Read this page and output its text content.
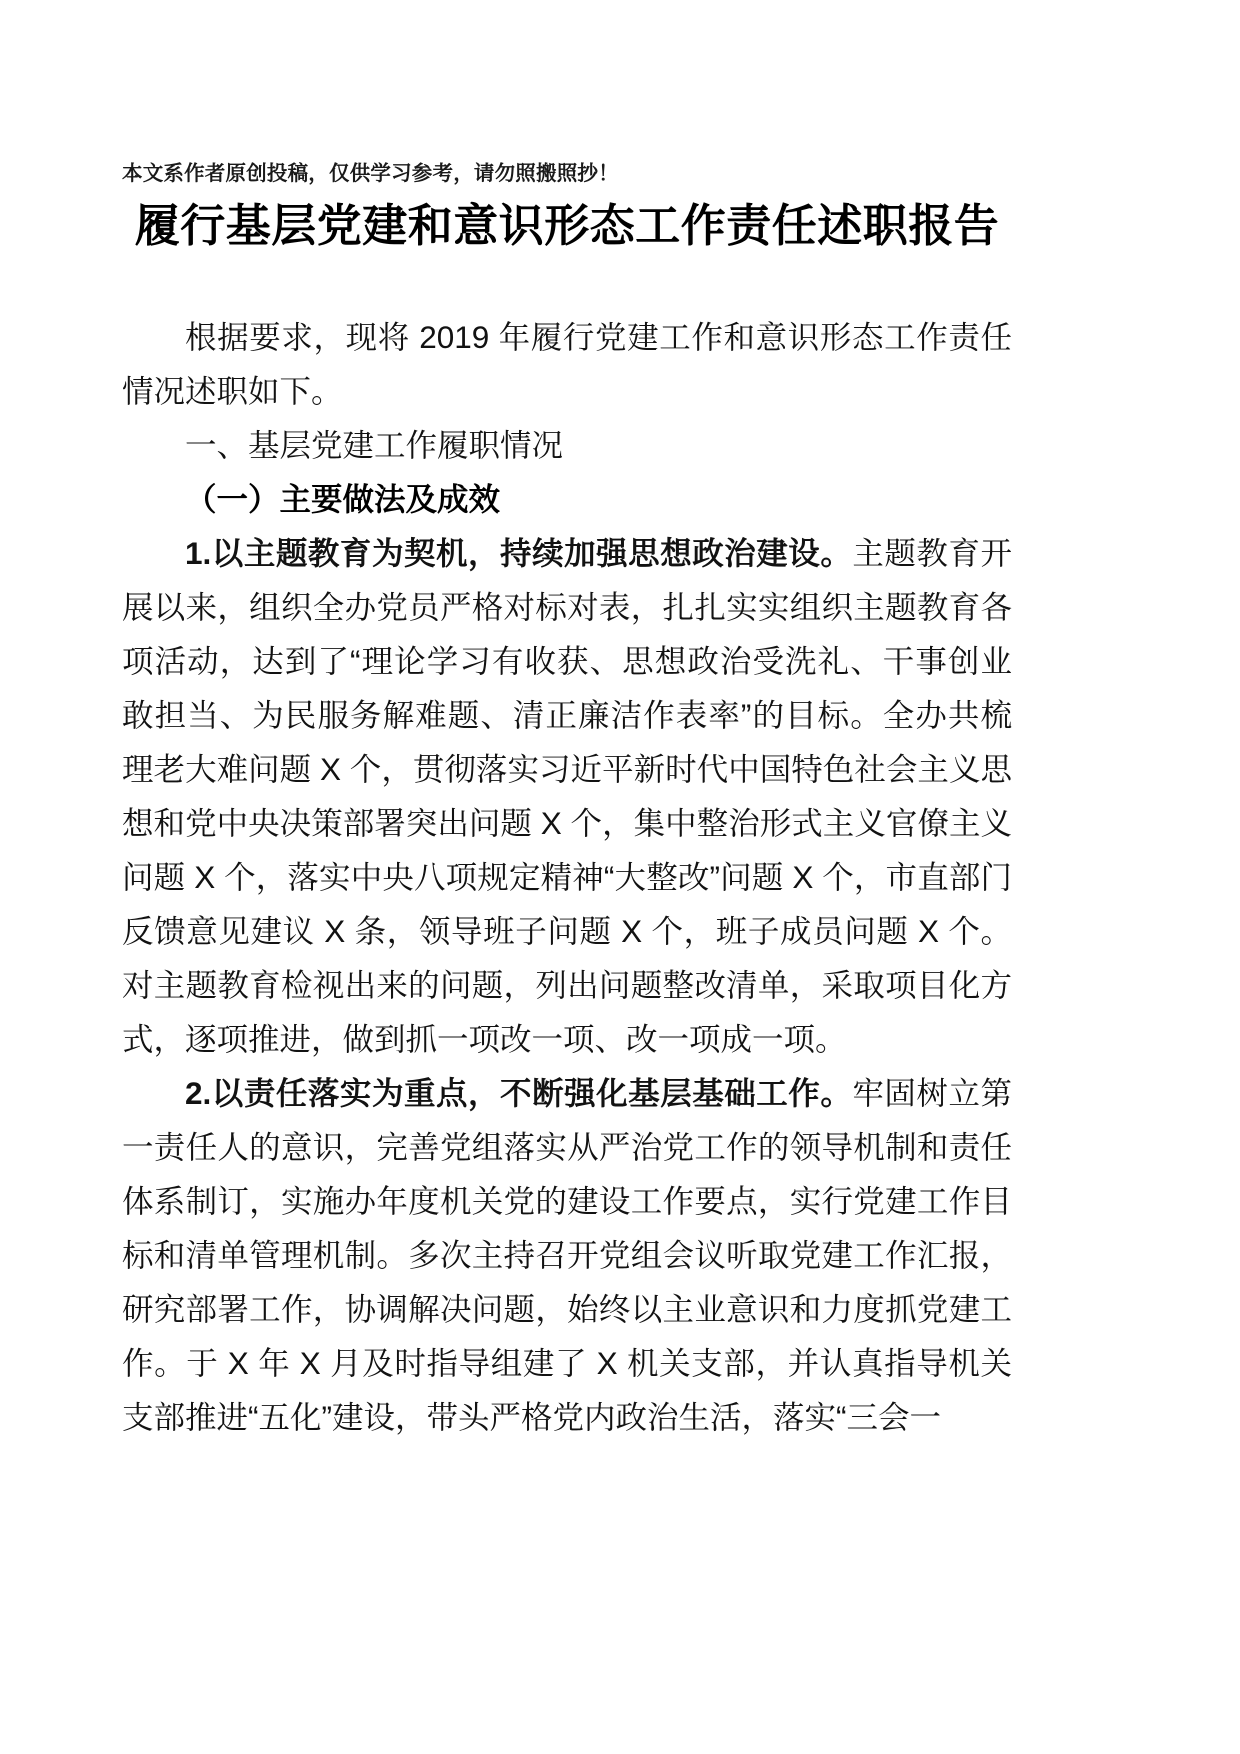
本文系作者原创投稿，仅供学习参考，请勿照搬照抄！

履行基层党建和意识形态工作责任述职报告

根据要求，现将 2019 年履行党建工作和意识形态工作责任情况述职如下。

一、基层党建工作履职情况

（一）主要做法及成效

1.以主题教育为契机，持续加强思想政治建设。主题教育开展以来，组织全办党员严格对标对表，扎扎实实组织主题教育各项活动，达到了“理论学习有收获、思想政治受洗礼、干事创业敢担当、为民服务解难题、清正廉洁作表率”的目标。全办共梳理老大难问题 X 个，贯彻落实习近平新时代中国特色社会主义思想和党中央决策部署突出问题 X 个，集中整治形式主义官僚主义问题 X 个，落实中央八项规定精神“大整改”问题 X 个，市直部门反馈意见建议 X 条，领导班子问题 X 个，班子成员问题 X 个。对主题教育检视出来的问题，列出问题整改清单，采取项目化方式，逐项推进，做到抓一项改一项、改一项成一项。

2.以责任落实为重点，不断强化基层基础工作。牢固树立第一责任人的意识，完善党组落实从严治党工作的领导机制和责任体系制订，实施办年度机关党的建设工作要点，实行党建工作目标和清单管理机制。多次主持召开党组会议听取党建工作汇报，研究部署工作，协调解决问题，始终以主业意识和力度抓党建工作。于 X 年 X 月及时指导组建了 X 机关支部，并认真指导机关支部推进“五化”建设，带头严格党内政治生活，落实“三会一
